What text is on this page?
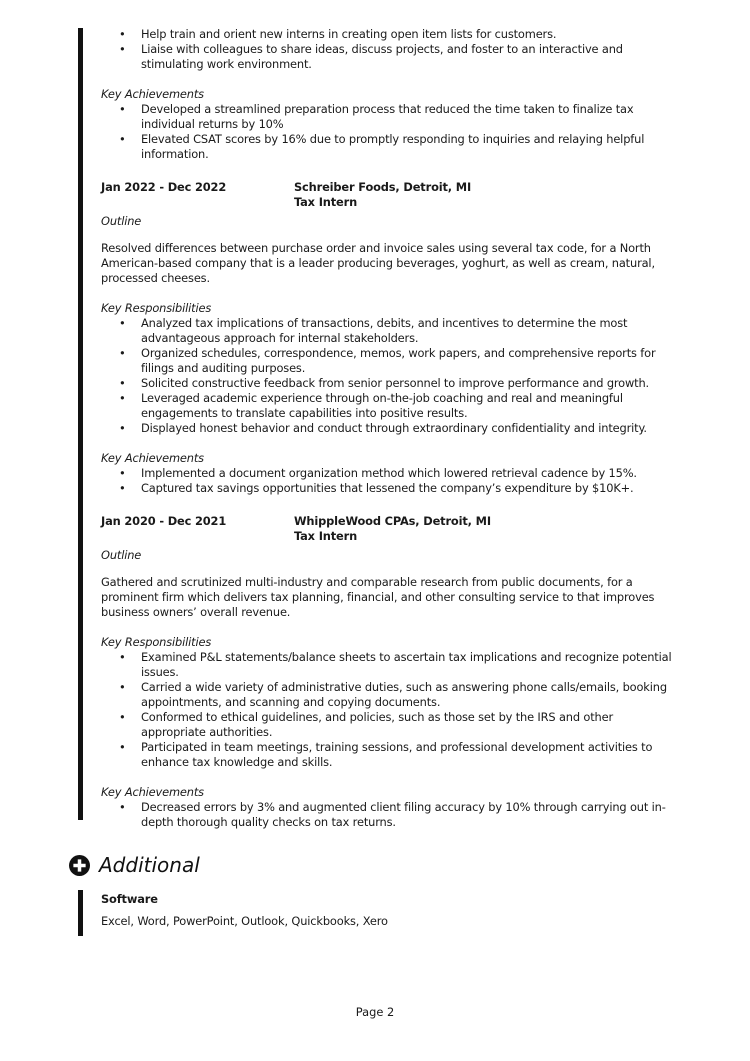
• Help train and orient new interns in creating open item lists for customers.
• Liaise with colleagues to share ideas, discuss projects, and foster to an interactive and stimulating work environment.
Key Achievements
• Developed a streamlined preparation process that reduced the time taken to finalize tax individual returns by 10%
• Elevated CSAT scores by 16% due to promptly responding to inquiries and relaying helpful information.
Jan 2022 - Dec 2022	Schreiber Foods, Detroit, MI
Tax Intern
Outline
Resolved differences between purchase order and invoice sales using several tax code, for a North American-based company that is a leader producing beverages, yoghurt, as well as cream, natural, processed cheeses.
Key Responsibilities
• Analyzed tax implications of transactions, debits, and incentives to determine the most advantageous approach for internal stakeholders.
• Organized schedules, correspondence, memos, work papers, and comprehensive reports for filings and auditing purposes.
• Solicited constructive feedback from senior personnel to improve performance and growth.
• Leveraged academic experience through on-the-job coaching and real and meaningful engagements to translate capabilities into positive results.
• Displayed honest behavior and conduct through extraordinary confidentiality and integrity.
Key Achievements
• Implemented a document organization method which lowered retrieval cadence by 15%.
• Captured tax savings opportunities that lessened the company’s expenditure by $10K+.
Jan 2020 - Dec 2021	WhippleWood CPAs, Detroit, MI
Tax Intern
Outline
Gathered and scrutinized multi-industry and comparable research from public documents, for a prominent firm which delivers tax planning, financial, and other consulting service to that improves business owners’ overall revenue.
Key Responsibilities
• Examined P&L statements/balance sheets to ascertain tax implications and recognize potential issues.
• Carried a wide variety of administrative duties, such as answering phone calls/emails, booking appointments, and scanning and copying documents.
• Conformed to ethical guidelines, and policies, such as those set by the IRS and other appropriate authorities.
• Participated in team meetings, training sessions, and professional development activities to enhance tax knowledge and skills.
Key Achievements
• Decreased errors by 3% and augmented client filing accuracy by 10% through carrying out in-depth thorough quality checks on tax returns.
Additional
Software
Excel, Word, PowerPoint, Outlook, Quickbooks, Xero
Page 2
